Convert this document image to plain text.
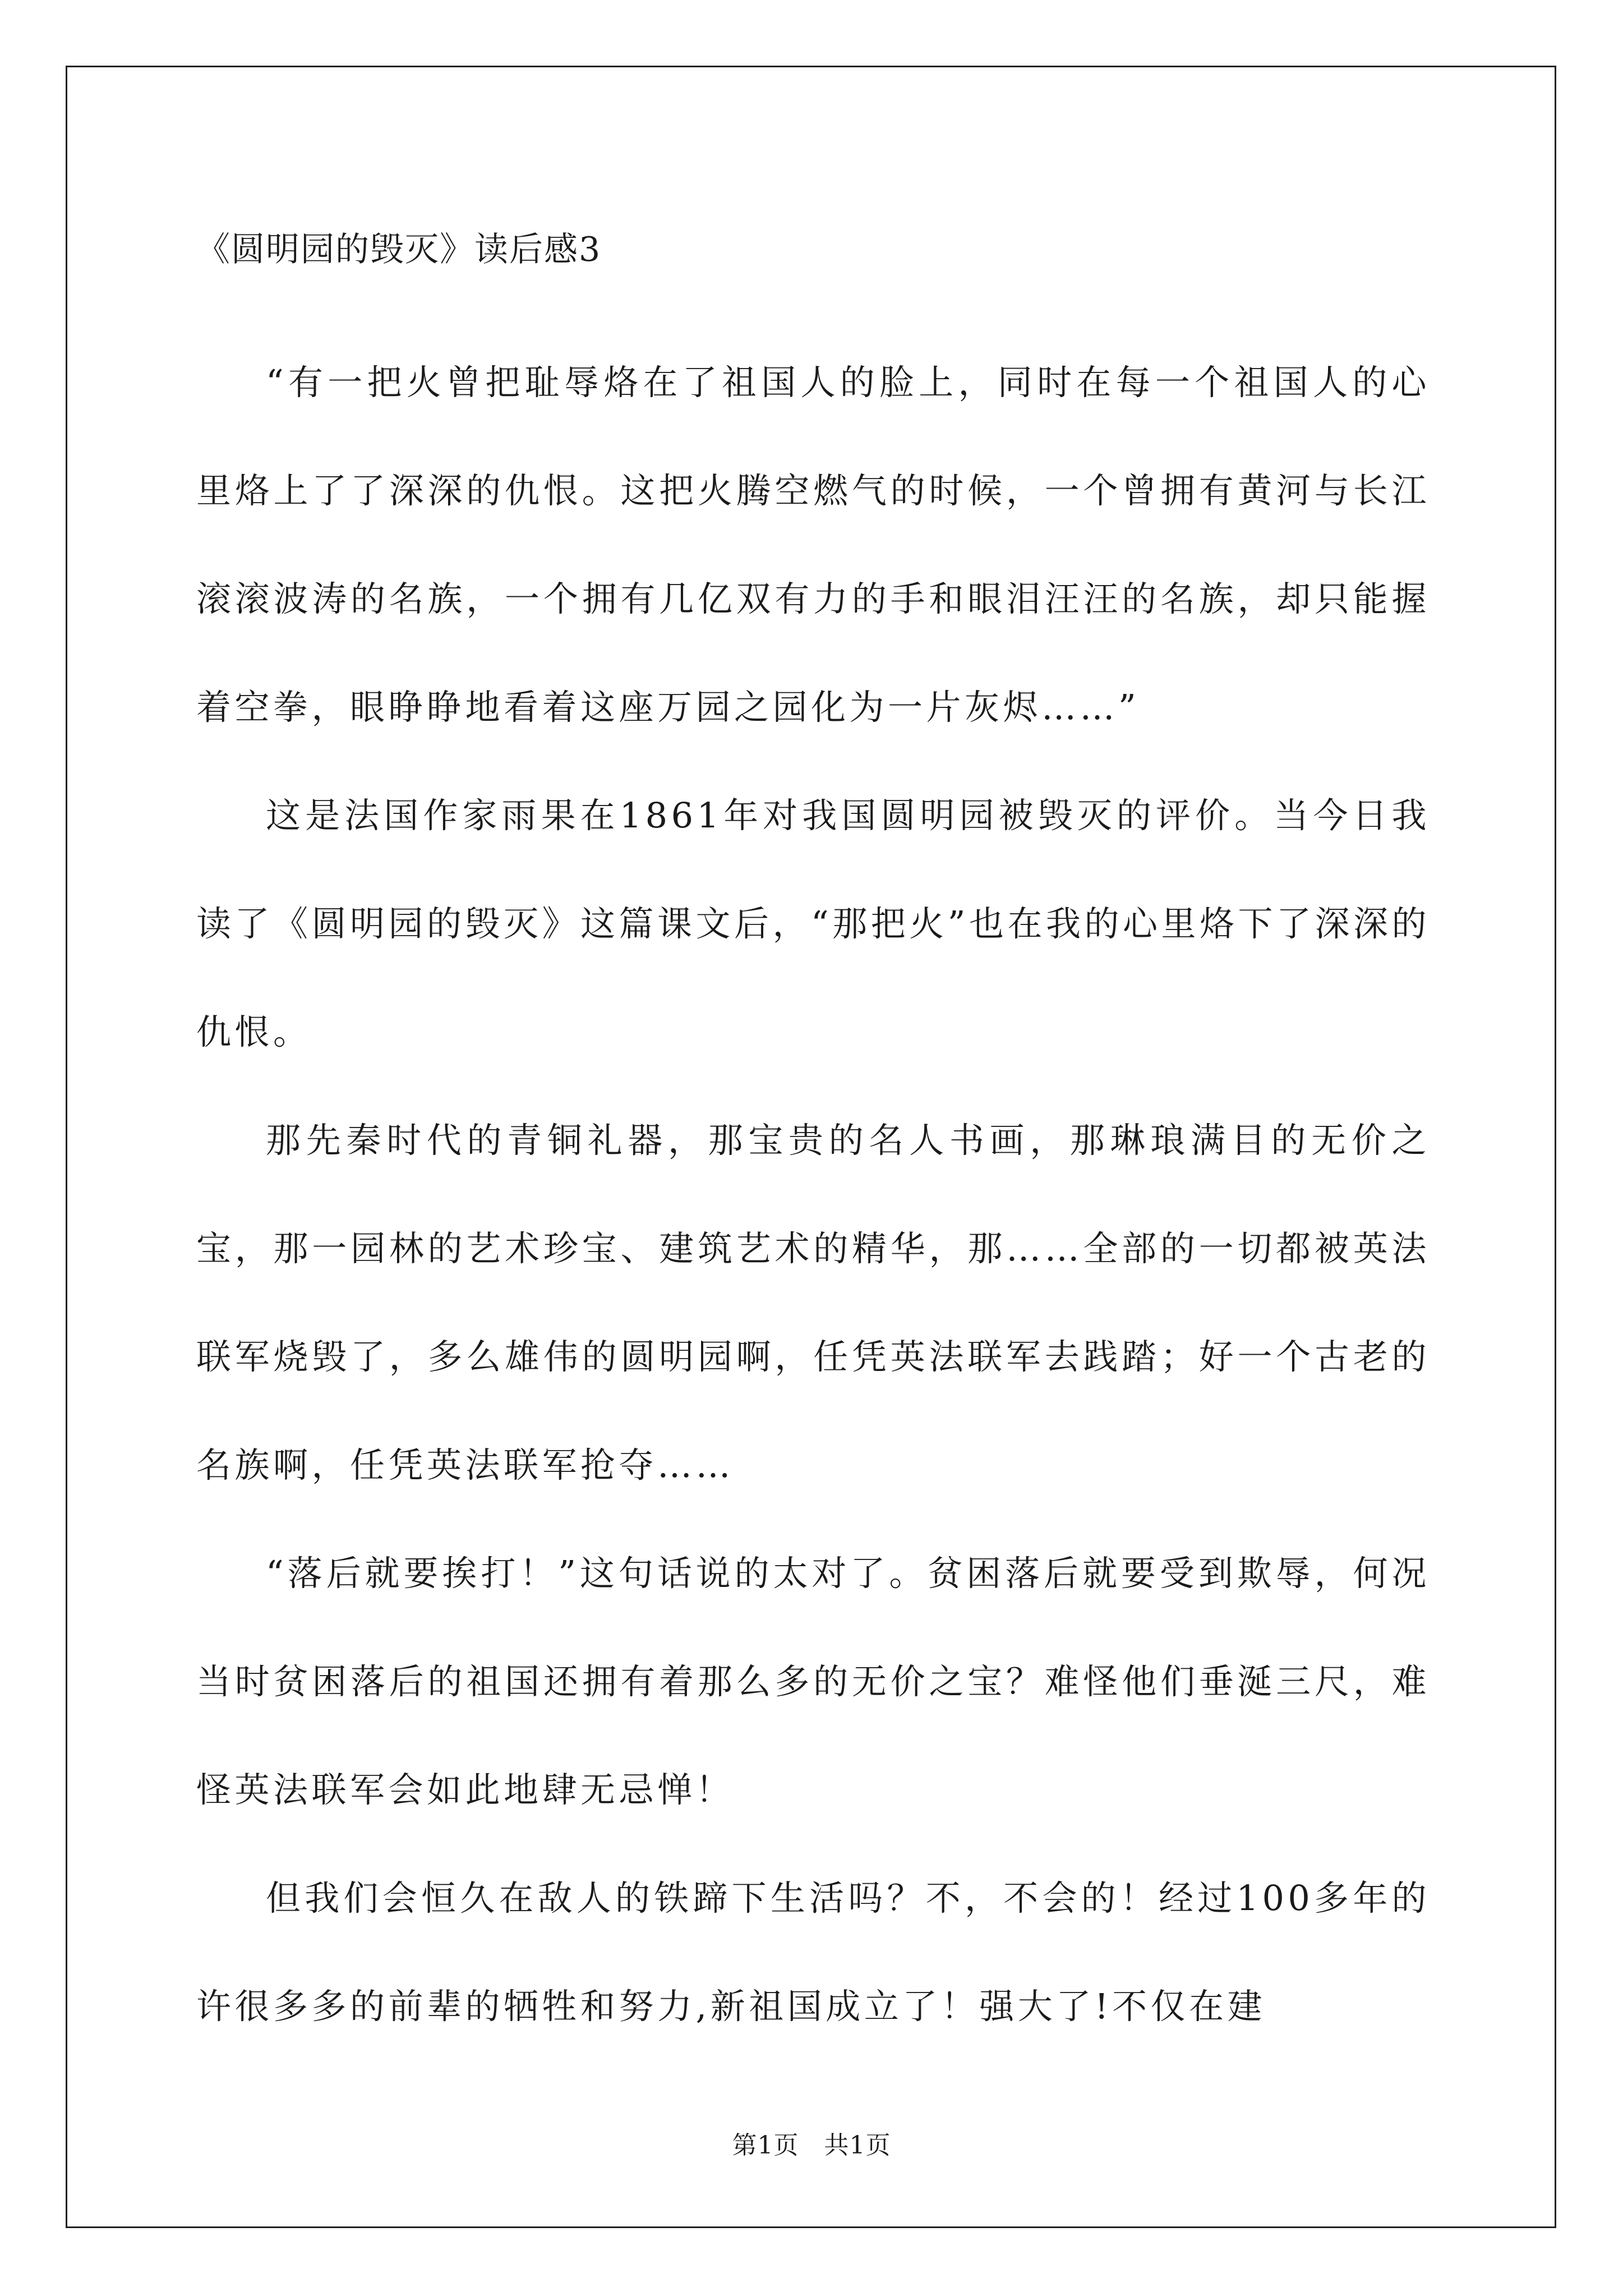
《圆明园的毁灭》读后感3

“有一把火曾把耻辱烙在了祖国人的脸上，同时在每一个祖国人的心里烙上了了深深的仇恨。这把火腾空燃气的时候，一个曾拥有黄河与长江滚滚波涛的名族，一个拥有几亿双有力的手和眼泪汪汪的名族，却只能握着空拳，眼睁睁地看着这座万园之园化为一片灰烬……”

这是法国作家雨果在1861年对我国圆明园被毁灭的评价。当今日我读了《圆明园的毁灭》这篇课文后，“那把火”也在我的心里烙下了深深的仇恨。

那先秦时代的青铜礼器，那宝贵的名人书画，那琳琅满目的无价之宝，那一园林的艺术珍宝、建筑艺术的精华，那……全部的一切都被英法联军烧毁了，多么雄伟的圆明园啊，任凭英法联军去践踏；好一个古老的名族啊，任凭英法联军抢夺……

“落后就要挨打！”这句话说的太对了。贫困落后就要受到欺辱，何况当时贫困落后的祖国还拥有着那么多的无价之宝？难怪他们垂涎三尺，难怪英法联军会如此地肆无忌惮！

但我们会恒久在敌人的铁蹄下生活吗？不，不会的！经过100多年的许很多多的前辈的牺牲和努力,新祖国成立了！强大了!不仅在建

第1页　共1页
